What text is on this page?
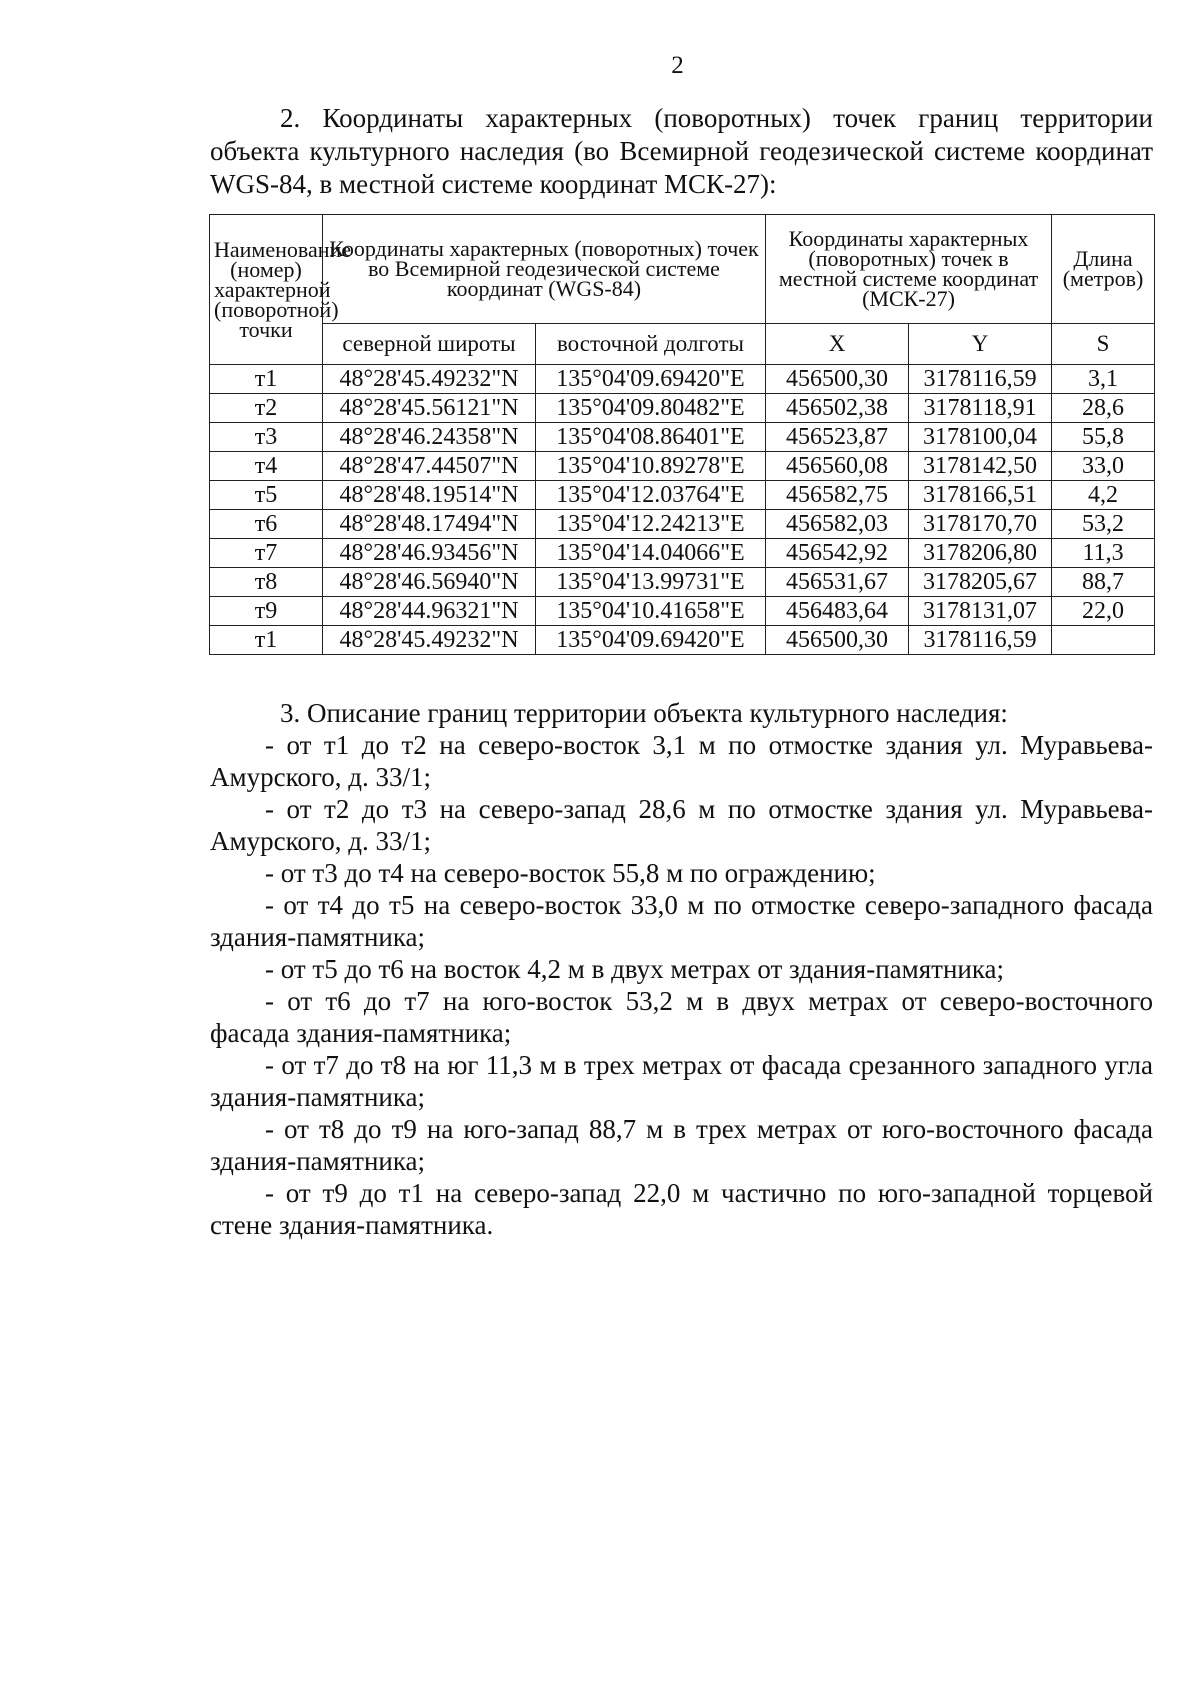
2

2. Координаты характерных (поворотных) точек границ территории объекта культурного наследия (во Всемирной геодезической системе координат WGS-84, в местной системе координат МСК-27):

Наименование (номер) характерной (поворотной) точки	Координаты характерных (поворотных) точек во Всемирной геодезической системе координат (WGS-84)		Координаты характерных (поворотных) точек в местной системе координат (МСК-27)		Длина (метров)
	северной широты	восточной долготы	X	Y	S
т1	48°28'45.49232"N	135°04'09.69420"E	456500,30	3178116,59	3,1
т2	48°28'45.56121"N	135°04'09.80482"E	456502,38	3178118,91	28,6
т3	48°28'46.24358"N	135°04'08.86401"E	456523,87	3178100,04	55,8
т4	48°28'47.44507"N	135°04'10.89278"E	456560,08	3178142,50	33,0
т5	48°28'48.19514"N	135°04'12.03764"E	456582,75	3178166,51	4,2
т6	48°28'48.17494"N	135°04'12.24213"E	456582,03	3178170,70	53,2
т7	48°28'46.93456"N	135°04'14.04066"E	456542,92	3178206,80	11,3
т8	48°28'46.56940"N	135°04'13.99731"E	456531,67	3178205,67	88,7
т9	48°28'44.96321"N	135°04'10.41658"E	456483,64	3178131,07	22,0
т1	48°28'45.49232"N	135°04'09.69420"E	456500,30	3178116,59	

3. Описание границ территории объекта культурного наследия:

- от т1 до т2 на северо-восток 3,1 м по отмостке здания ул. Муравьева-Амурского, д. 33/1;

- от т2 до т3 на северо-запад 28,6 м по отмостке здания ул. Муравьева-Амурского, д. 33/1;

- от т3 до т4 на северо-восток 55,8 м по ограждению;

- от т4 до т5 на северо-восток 33,0 м по отмостке северо-западного фасада здания-памятника;

- от т5 до т6 на восток 4,2 м в двух метрах от здания-памятника;

- от т6 до т7 на юго-восток 53,2 м в двух метрах от северо-восточного фасада здания-памятника;

- от т7 до т8 на юг 11,3 м в трех метрах от фасада срезанного западного угла здания-памятника;

- от т8 до т9 на юго-запад 88,7 м в трех метрах от юго-восточного фасада здания-памятника;

- от т9 до т1 на северо-запад 22,0 м частично по юго-западной торцевой стене здания-памятника.
